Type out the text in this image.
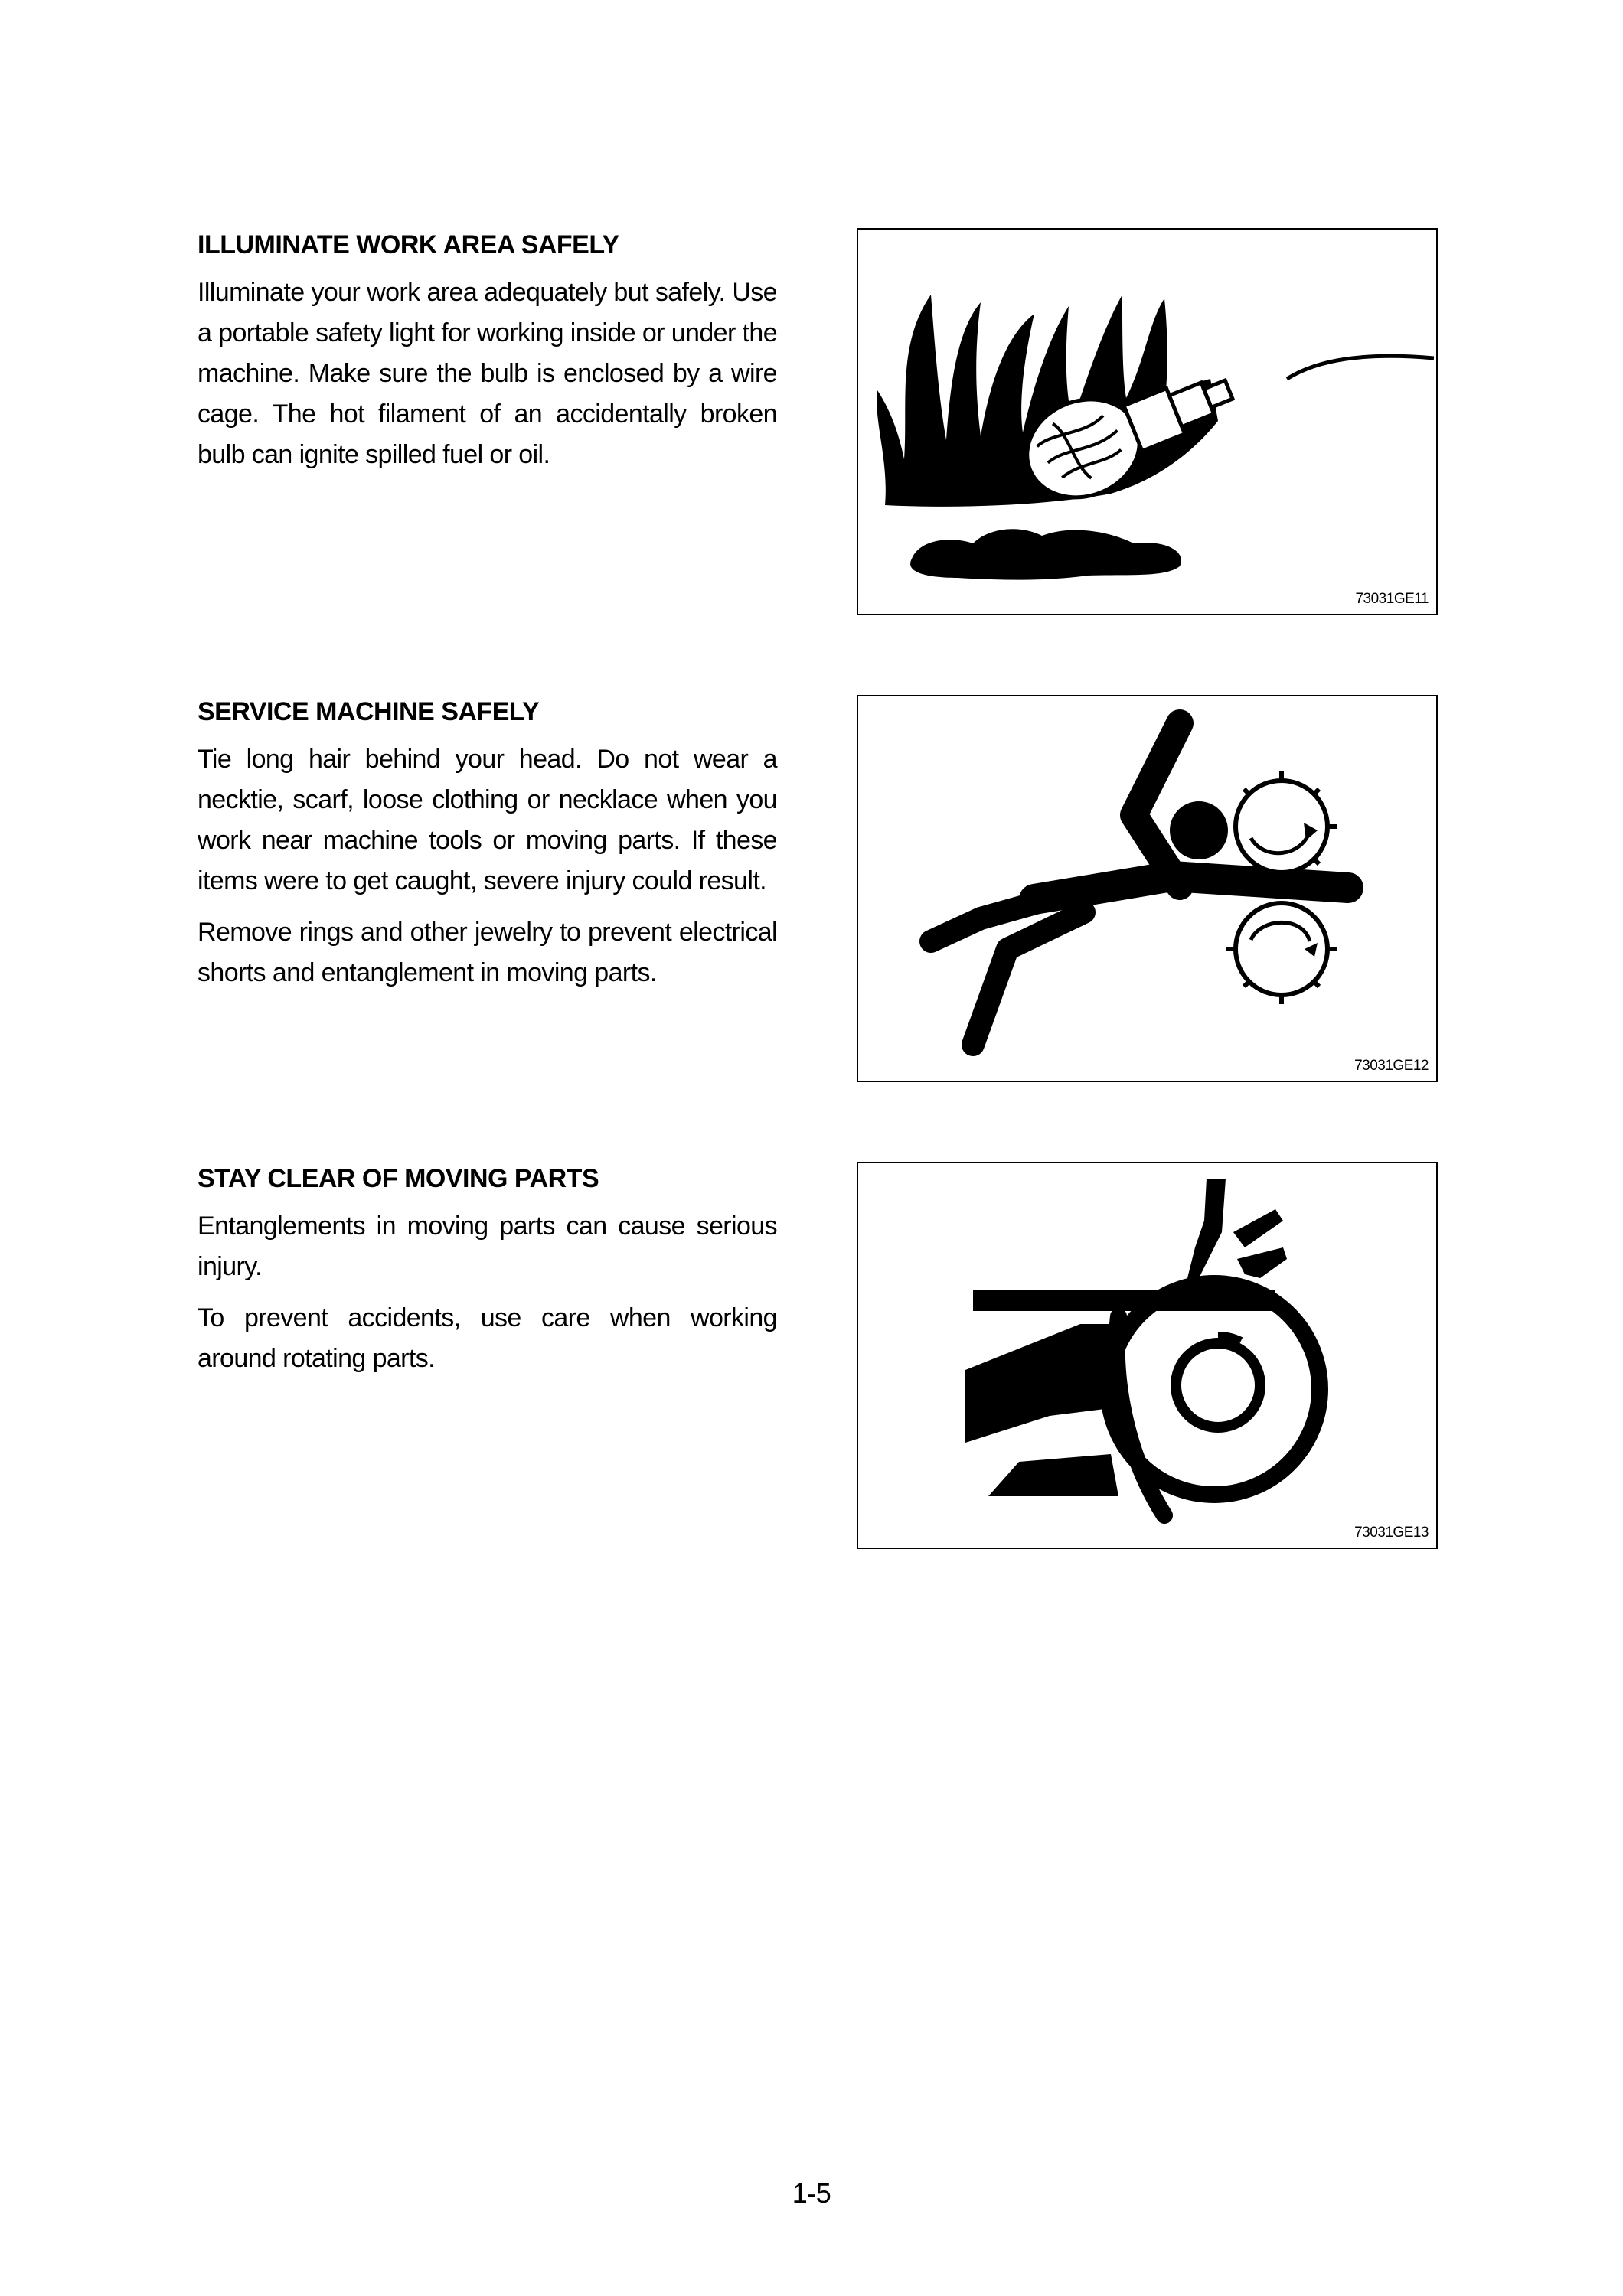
ILLUMINATE WORK AREA SAFELY

Illuminate your work area adequately but safely. Use a portable safety light for working inside or under the machine. Make sure the bulb is enclosed by a wire cage. The hot filament of an accidentally broken bulb can ignite spilled fuel or oil.

73031GE11
SERVICE MACHINE SAFELY

Tie long hair behind your head. Do not wear a necktie, scarf, loose clothing or necklace when you work near machine tools or moving parts. If these items were to get caught, severe injury could result.

Remove rings and other jewelry to prevent electrical shorts and entanglement in moving parts.

73031GE12
STAY CLEAR OF MOVING PARTS

Entanglements in moving parts can cause serious injury.

To prevent accidents, use care when working around rotating parts.

73031GE13
1-5
